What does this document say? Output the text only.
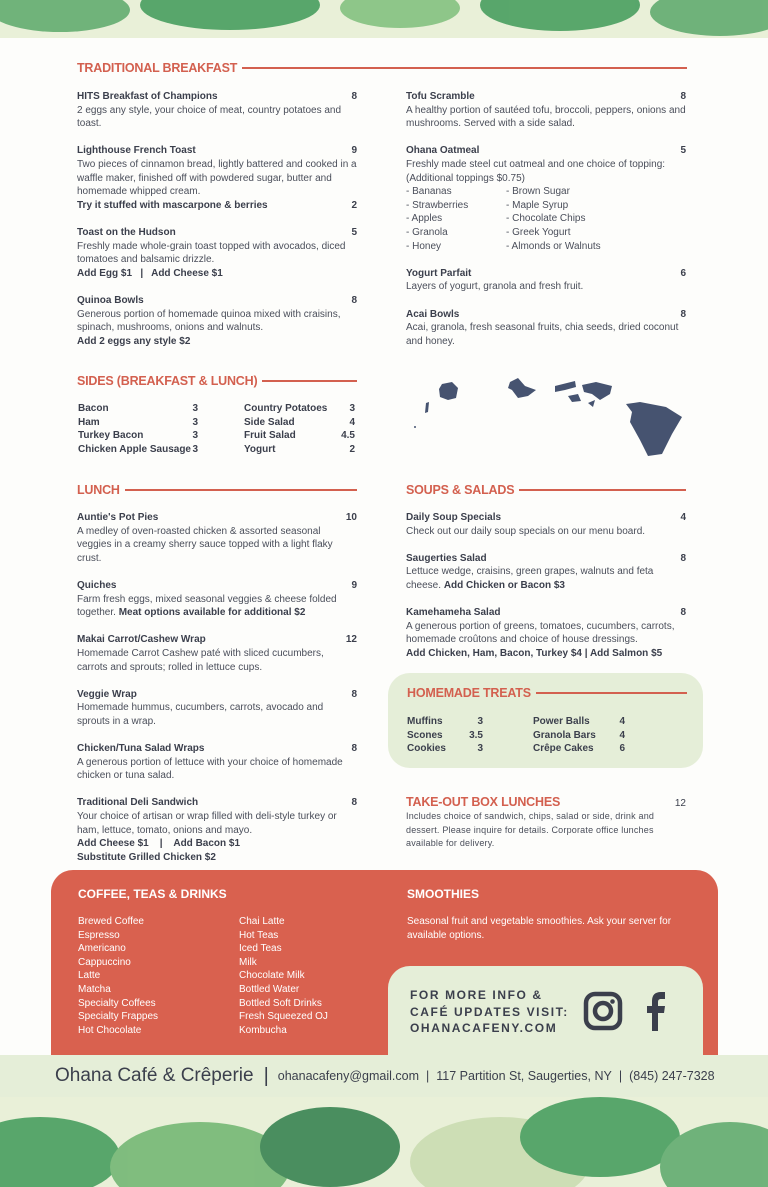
TRADITIONAL BREAKFAST
HITS Breakfast of Champions	8
2 eggs any style, your choice of meat, country potatoes and toast.
Lighthouse French Toast	9
Two pieces of cinnamon bread, lightly battered and cooked in a waffle maker, finished off with powdered sugar, butter and homemade whipped cream.
Try it stuffed with mascarpone & berries	2
Toast on the Hudson	5
Freshly made whole-grain toast topped with avocados, diced tomatoes and balsamic drizzle.
Add Egg $1   |   Add Cheese $1
Quinoa Bowls	8
Generous portion of homemade quinoa mixed with craisins, spinach, mushrooms, onions and walnuts.
Add 2 eggs any style $2
Tofu Scramble	8
A healthy portion of sautéed tofu, broccoli, peppers, onions and mushrooms. Served with a side salad.
Ohana Oatmeal	5
Freshly made steel cut oatmeal and one choice of topping: (Additional toppings $0.75)
- Bananas
- Strawberries
- Apples
- Granola
- Honey
- Brown Sugar
- Maple Syrup
- Chocolate Chips
- Greek Yogurt
- Almonds or Walnuts
Yogurt Parfait	6
Layers of yogurt, granola and fresh fruit.
Acai Bowls	8
Acai, granola, fresh seasonal fruits, chia seeds, dried coconut and honey.
SIDES (BREAKFAST & LUNCH)
Bacon	3
Ham	3
Turkey Bacon	3
Chicken Apple Sausage 3
Country Potatoes	3
Side Salad	4
Fruit Salad	4.5
Yogurt	2
LUNCH
Auntie's Pot Pies	10
A medley of oven-roasted chicken & assorted seasonal veggies in a creamy sherry sauce topped with a light flaky crust.
Quiches	9
Farm fresh eggs, mixed seasonal veggies & cheese folded together. Meat options available for additional $2
Makai Carrot/Cashew Wrap	12
Homemade Carrot Cashew paté with sliced cucumbers, carrots and sprouts; rolled in lettuce cups.
Veggie Wrap	8
Homemade hummus, cucumbers, carrots, avocado and sprouts in a wrap.
Chicken/Tuna Salad Wraps	8
A generous portion of lettuce with your choice of homemade chicken or tuna salad.
Traditional Deli Sandwich	8
Your choice of artisan or wrap filled with deli-style turkey or ham, lettuce, tomato, onions and mayo.
Add Cheese $1    |    Add Bacon $1
Substitute Grilled Chicken $2
SOUPS & SALADS
Daily Soup Specials	4
Check out our daily soup specials on our menu board.
Saugerties Salad	8
Lettuce wedge, craisins, green grapes, walnuts and feta cheese. Add Chicken or Bacon $3
Kamehameha Salad	8
A generous portion of greens, tomatoes, cucumbers, carrots, homemade croûtons and choice of house dressings.
Add Chicken, Ham, Bacon, Turkey $4 | Add Salmon $5
HOMEMADE TREATS
Muffins	3
Scones	3.5
Cookies	3
Power Balls	4
Granola Bars	4
Crêpe Cakes	6
TAKE-OUT BOX LUNCHES	12
Includes choice of sandwich, chips, salad or side, drink and dessert. Please inquire for details. Corporate office lunches available for delivery.
COFFEE, TEAS & DRINKS
Brewed Coffee
Espresso
Americano
Cappuccino
Latte
Matcha
Specialty Coffees
Specialty Frappes
Hot Chocolate
Chai Latte
Hot Teas
Iced Teas
Milk
Chocolate Milk
Bottled Water
Bottled Soft Drinks
Fresh Squeezed OJ
Kombucha
SMOOTHIES
Seasonal fruit and vegetable smoothies. Ask your server for available options.
FOR MORE INFO &
CAFÉ UPDATES VISIT:
OHANACAFENY.COM
Ohana Café & Crêperie | ohanacafeny@gmail.com | 117 Partition St, Saugerties, NY | (845) 247-7328
